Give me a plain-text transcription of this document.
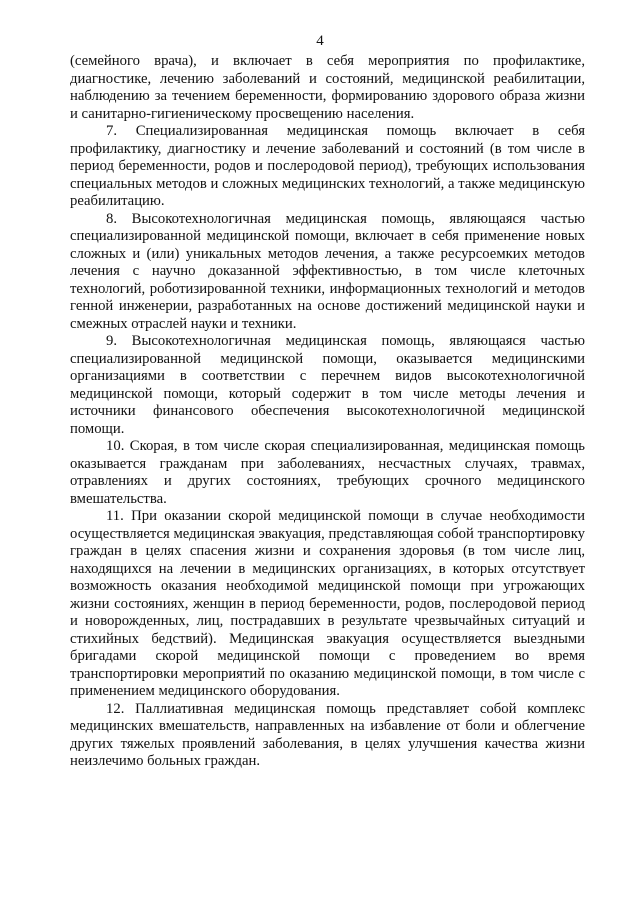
4

(семейного врача), и включает в себя мероприятия по профилактике, диагностике, лечению заболеваний и состояний, медицинской реабилитации, наблюдению за течением беременности, формированию здорового образа жизни и санитарно-гигиеническому просвещению населения.

7. Специализированная медицинская помощь включает в себя профилактику, диагностику и лечение заболеваний и состояний (в том числе в период беременности, родов и послеродовой период), требующих использования специальных методов и сложных медицинских технологий, а также медицинскую реабилитацию.

8. Высокотехнологичная медицинская помощь, являющаяся частью специализированной медицинской помощи, включает в себя применение новых сложных и (или) уникальных методов лечения, а также ресурсоемких методов лечения с научно доказанной эффективностью, в том числе клеточных технологий, роботизированной техники, информационных технологий и методов генной инженерии, разработанных на основе достижений медицинской науки и смежных отраслей науки и техники.

9. Высокотехнологичная медицинская помощь, являющаяся частью специализированной медицинской помощи, оказывается медицинскими организациями в соответствии с перечнем видов высокотехнологичной медицинской помощи, который содержит в том числе методы лечения и источники финансового обеспечения высокотехнологичной медицинской помощи.

10. Скорая, в том числе скорая специализированная, медицинская помощь оказывается гражданам при заболеваниях, несчастных случаях, травмах, отравлениях и других состояниях, требующих срочного медицинского вмешательства.

11. При оказании скорой медицинской помощи в случае необходимости осуществляется медицинская эвакуация, представляющая собой транспортировку граждан в целях спасения жизни и сохранения здоровья (в том числе лиц, находящихся на лечении в медицинских организациях, в которых отсутствует возможность оказания необходимой медицинской помощи при угрожающих жизни состояниях, женщин в период беременности, родов, послеродовой период и новорожденных, лиц, пострадавших в результате чрезвычайных ситуаций и стихийных бедствий). Медицинская эвакуация осуществляется выездными бригадами скорой медицинской помощи с проведением во время транспортировки мероприятий по оказанию медицинской помощи, в том числе с применением медицинского оборудования.

12. Паллиативная медицинская помощь представляет собой комплекс медицинских вмешательств, направленных на избавление от боли и облегчение других тяжелых проявлений заболевания, в целях улучшения качества жизни неизлечимо больных граждан.
